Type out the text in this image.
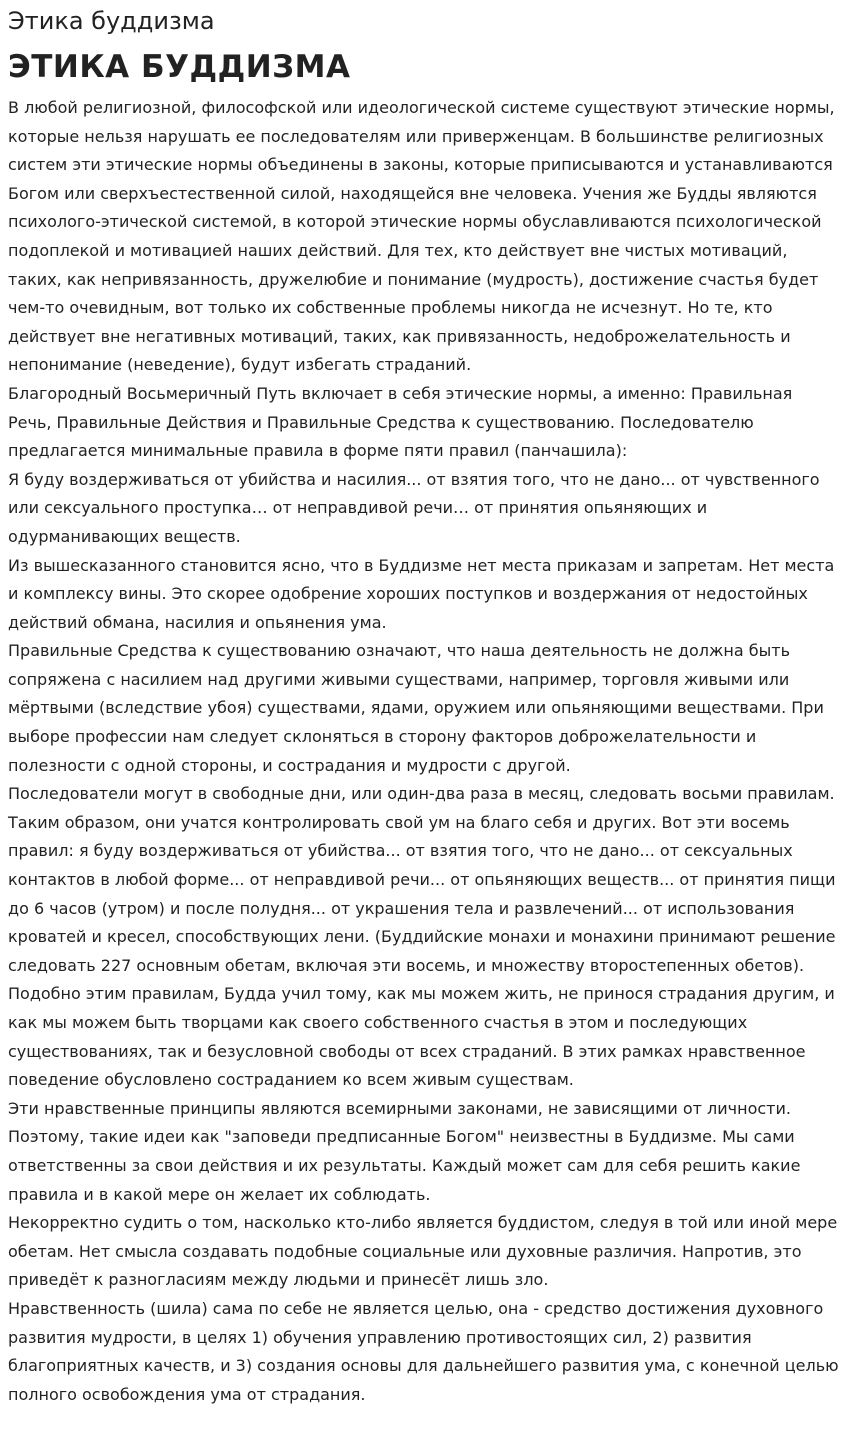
Этика буддизма
ЭТИКА БУДДИЗМА

В любой религиозной, философской или идеологической системе существуют этические нормы, которые нельзя нарушать ее последователям или приверженцам. В большинстве религиозных систем эти этические нормы объединены в законы, которые приписываются и устанавливаются Богом или сверхъестественной силой, находящейся вне человека. Учения же Будды являются психолого-этической системой, в которой этические нормы обуславливаются психологической подоплекой и мотивацией наших действий. Для тех, кто действует вне чистых мотиваций, таких, как непривязанность, дружелюбие и понимание (мудрость), достижение счастья будет чем-то очевидным, вот только их собственные проблемы никогда не исчезнут. Но те, кто действует вне негативных мотиваций, таких, как привязанность, недоброжелательность и непонимание (неведение), будут избегать страданий.

Благородный Восьмеричный Путь включает в себя этические нормы, а именно: Правильная Речь, Правильные Действия и Правильные Средства к существованию. Последователю предлагается минимальные правила в форме пяти правил (панчашила):

Я буду воздерживаться от убийства и насилия... от взятия того, что не дано... от чувственного или сексуального проступка… от неправдивой речи… от принятия опьяняющих и одурманивающих веществ.

Из вышесказанного становится ясно, что в Буддизме нет места приказам и запретам. Нет места и комплексу вины. Это скорее одобрение хороших поступков и воздержания от недостойных действий обмана, насилия и опьянения ума.

Правильные Средства к существованию означают, что наша деятельность не должна быть сопряжена с насилием над другими живыми существами, например, торговля живыми или мёртвыми (вследствие убоя) существами, ядами, оружием или опьяняющими веществами. При выборе профессии нам следует склоняться в сторону факторов доброжелательности и полезности с одной стороны, и сострадания и мудрости с другой.

Последователи могут в свободные дни, или один-два раза в месяц, следовать восьми правилам. Таким образом, они учатся контролировать свой ум на благо себя и других. Вот эти восемь правил: я буду воздерживаться от убийства... от взятия того, что не дано... от сексуальных контактов в любой форме... от неправдивой речи... от опьяняющих веществ... от принятия пищи до 6 часов (утром) и после полудня... от украшения тела и развлечений... от использования кроватей и кресел, способствующих лени. (Буддийские монахи и монахини принимают решение следовать 227 основным обетам, включая эти восемь, и множеству второстепенных обетов).

Подобно этим правилам, Будда учил тому, как мы можем жить, не принося страдания другим, и как мы можем быть творцами как своего собственного счастья в этом и последующих существованиях, так и безусловной свободы от всех страданий. В этих рамках нравственное поведение обусловлено состраданием ко всем живым существам.

Эти нравственные принципы являются всемирными законами, не зависящими от личности. Поэтому, такие идеи как "заповеди предписанные Богом" неизвестны в Буддизме. Мы сами ответственны за свои действия и их результаты. Каждый может сам для себя решить какие правила и в какой мере он желает их соблюдать.

Некорректно судить о том, насколько кто-либо является буддистом, следуя в той или иной мере обетам. Нет смысла создавать подобные социальные или духовные различия. Напротив, это приведёт к разногласиям между людьми и принесёт лишь зло.

Нравственность (шила) сама по себе не является целью, она - средство достижения духовного развития мудрости, в целях 1) обучения управлению противостоящих сил, 2) развития благоприятных качеств, и 3) создания основы для дальнейшего развития ума, с конечной целью полного освобождения ума от страдания.
